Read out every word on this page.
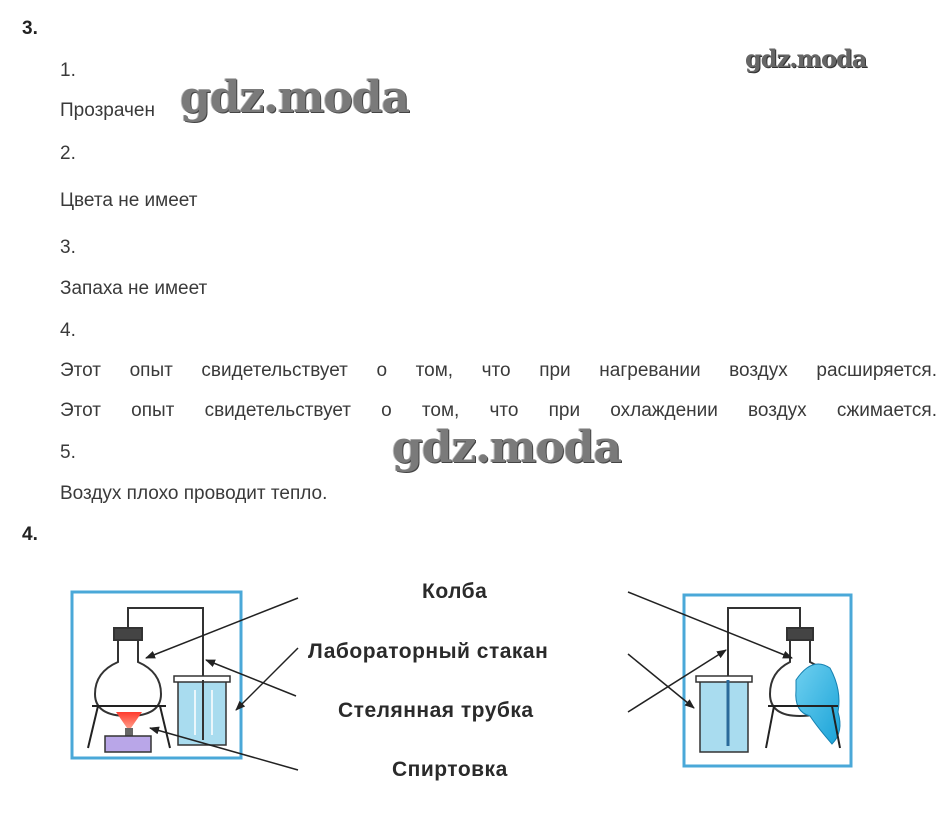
3.
1.
Прозрачен
2.
Цвета не имеет
3.
Запаха не имеет
4.
Этот опыт свидетельствует о том, что при нагревании воздух расширяется.
Этот опыт свидетельствует о том, что при охлаждении воздух сжимается.
5.
Воздух плохо проводит тепло.
gdz.moda
gdz.moda
gdz.moda
4.
Колба
Лабораторный стакан
Стелянная трубка
Спиртовка
